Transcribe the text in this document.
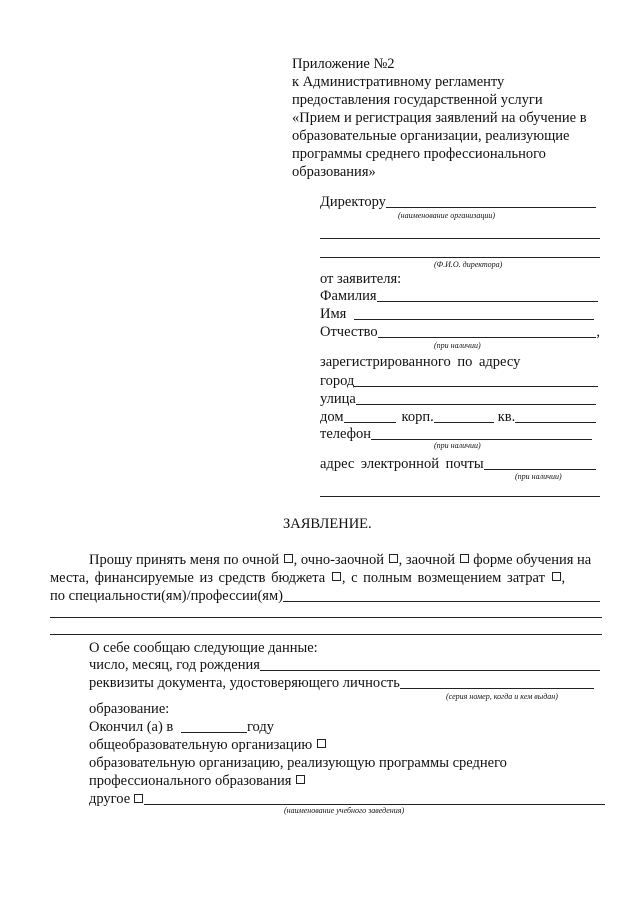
Приложение №2
к Административному регламенту
предоставления государственной услуги
«Прием и регистрация заявлений на обучение в
образовательные организации, реализующие
программы среднего профессионального
образования»
Директору
(наименование организации)
(Ф.И.О. директора)
от заявителя:
Фамилия
Имя
Отчество	,
(при наличии)
зарегистрированного по адресу
город
улица
дом	корп.	кв.
телефон
(при наличии)
адрес электронной почты
(при наличии)
ЗАЯВЛЕНИЕ.
Прошу принять меня по очной , очно-заочной , заочной форме обучения на
места, финансируемые из средств бюджета , с полным возмещением затрат ,
по специальности(ям)/профессии(ям)
О себе сообщаю следующие данные:
число, месяц, год рождения
реквизиты документа, удостоверяющего личность
(серия номер, когда и кем выдан)
образование:
Окончил (а) в	году
общеобразовательную организацию
образовательную организацию, реализующую программы среднего
профессионального образования
другое
(наименование учебного заведения)
